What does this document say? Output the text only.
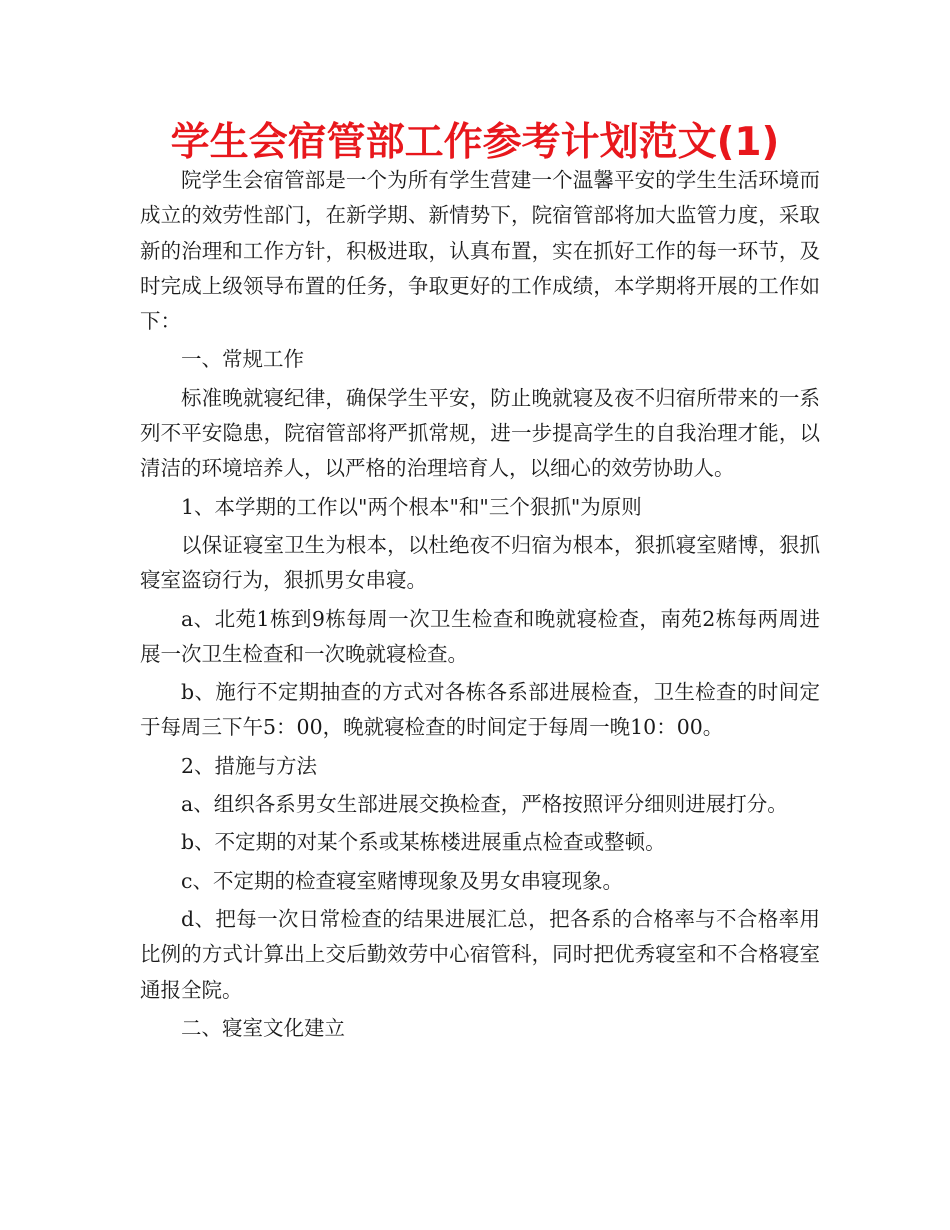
学生会宿管部工作参考计划范文(1)

院学生会宿管部是一个为所有学生营建一个温馨平安的学生生活环境而成立的效劳性部门，在新学期、新情势下，院宿管部将加大监管力度，采取新的治理和工作方针，积极进取，认真布置，实在抓好工作的每一环节，及时完成上级领导布置的任务，争取更好的工作成绩，本学期将开展的工作如下：

一、常规工作

标准晚就寝纪律，确保学生平安，防止晚就寝及夜不归宿所带来的一系列不平安隐患，院宿管部将严抓常规，进一步提高学生的自我治理才能，以清洁的环境培养人，以严格的治理培育人，以细心的效劳协助人。

1、本学期的工作以"两个根本"和"三个狠抓"为原则

以保证寝室卫生为根本，以杜绝夜不归宿为根本，狠抓寝室赌博，狠抓寝室盗窃行为，狠抓男女串寝。

a、北苑1栋到9栋每周一次卫生检查和晚就寝检查，南苑2栋每两周进展一次卫生检查和一次晚就寝检查。

b、施行不定期抽查的方式对各栋各系部进展检查，卫生检查的时间定于每周三下午5：00，晚就寝检查的时间定于每周一晚10：00。

2、措施与方法

a、组织各系男女生部进展交换检查，严格按照评分细则进展打分。

b、不定期的对某个系或某栋楼进展重点检查或整顿。

c、不定期的检查寝室赌博现象及男女串寝现象。

d、把每一次日常检查的结果进展汇总，把各系的合格率与不合格率用比例的方式计算出上交后勤效劳中心宿管科，同时把优秀寝室和不合格寝室通报全院。

二、寝室文化建立
